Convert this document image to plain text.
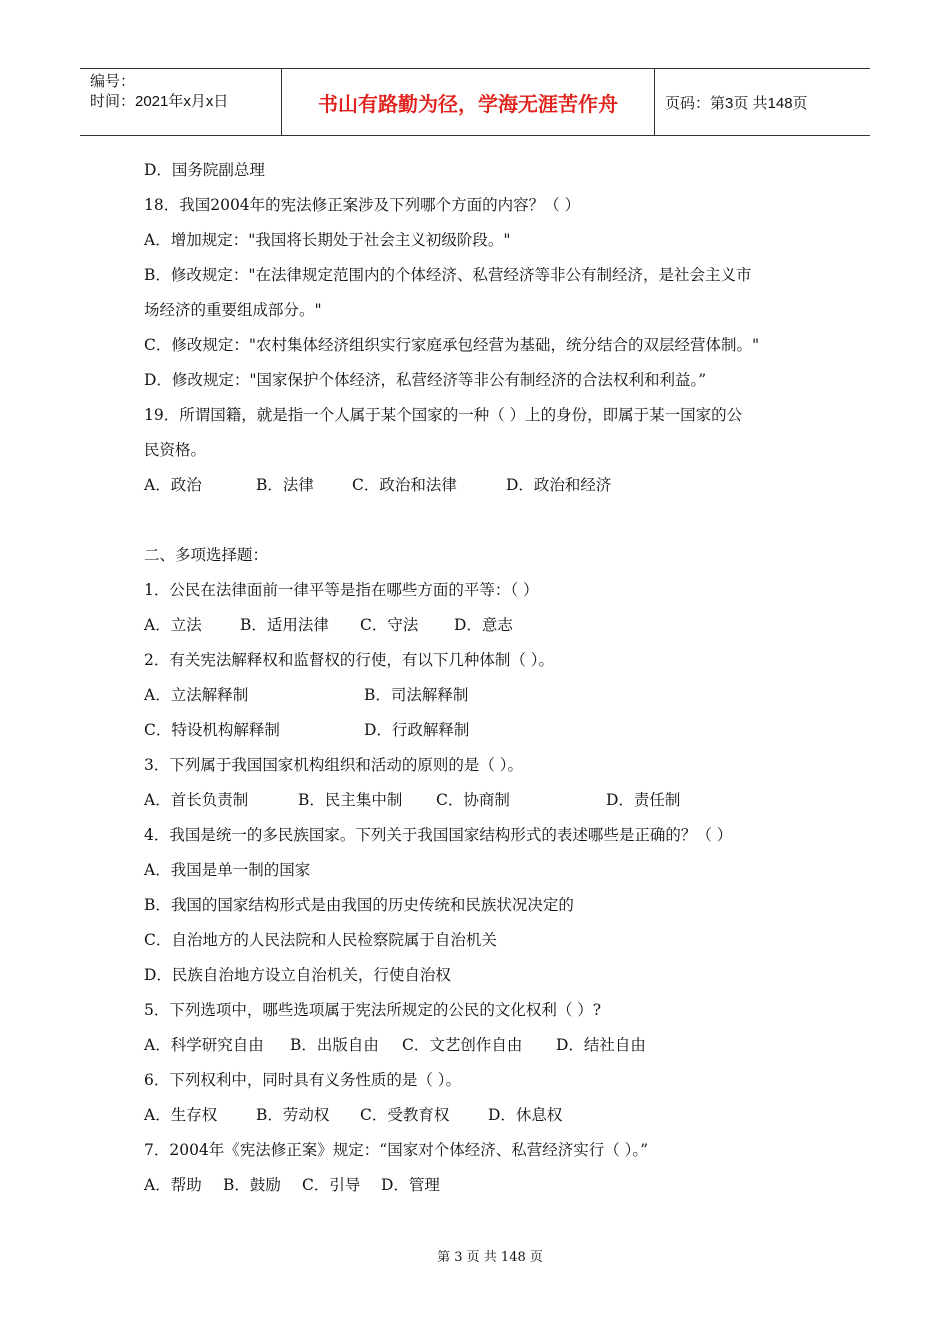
编号：
时间：2021年x月x日	书山有路勤为径，学海无涯苦作舟	页码：第3页 共148页
D．国务院副总理
18．我国2004年的宪法修正案涉及下列哪个方面的内容？（ ）
A．增加规定："我国将长期处于社会主义初级阶段。"
B．修改规定："在法律规定范围内的个体经济、私营经济等非公有制经济，是社会主义市
场经济的重要组成部分。"
C．修改规定："农村集体经济组织实行家庭承包经营为基础，统分结合的双层经营体制。"
D．修改规定："国家保护个体经济，私营经济等非公有制经济的合法权利和利益。”
19．所谓国籍，就是指一个人属于某个国家的一种（ ）上的身份，即属于某一国家的公
民资格。
A．政治	B．法律 C．政治和法律	D．政治和经济
二、多项选择题：
1．公民在法律面前一律平等是指在哪些方面的平等：（ ）
A．立法 B．适用法律 C．守法 D．意志
2．有关宪法解释权和监督权的行使，有以下几种体制（ ）。
A．立法解释制	B．司法解释制
C．特设机构解释制	D．行政解释制
3．下列属于我国国家机构组织和活动的原则的是（ ）。
A．首长负责制	B．民主集中制 C．协商制	D．责任制
4．我国是统一的多民族国家。下列关于我国国家结构形式的表述哪些是正确的？（ ）
A．我国是单一制的国家
B．我国的国家结构形式是由我国的历史传统和民族状况决定的
C．自治地方的人民法院和人民检察院属于自治机关
D．民族自治地方设立自治机关，行使自治权
5．下列选项中，哪些选项属于宪法所规定的公民的文化权利（ ）?
A．科学研究自由 B．出版自由 C．文艺创作自由 D．结社自由
6．下列权利中，同时具有义务性质的是（ ）。
A．生存权	B．劳动权 C．受教育权 D．休息权
7．2004年《宪法修正案》规定：“国家对个体经济、私营经济实行（ ）。”
A．帮助 B．鼓励 C．引导 D．管理
第 3 页 共 148 页
